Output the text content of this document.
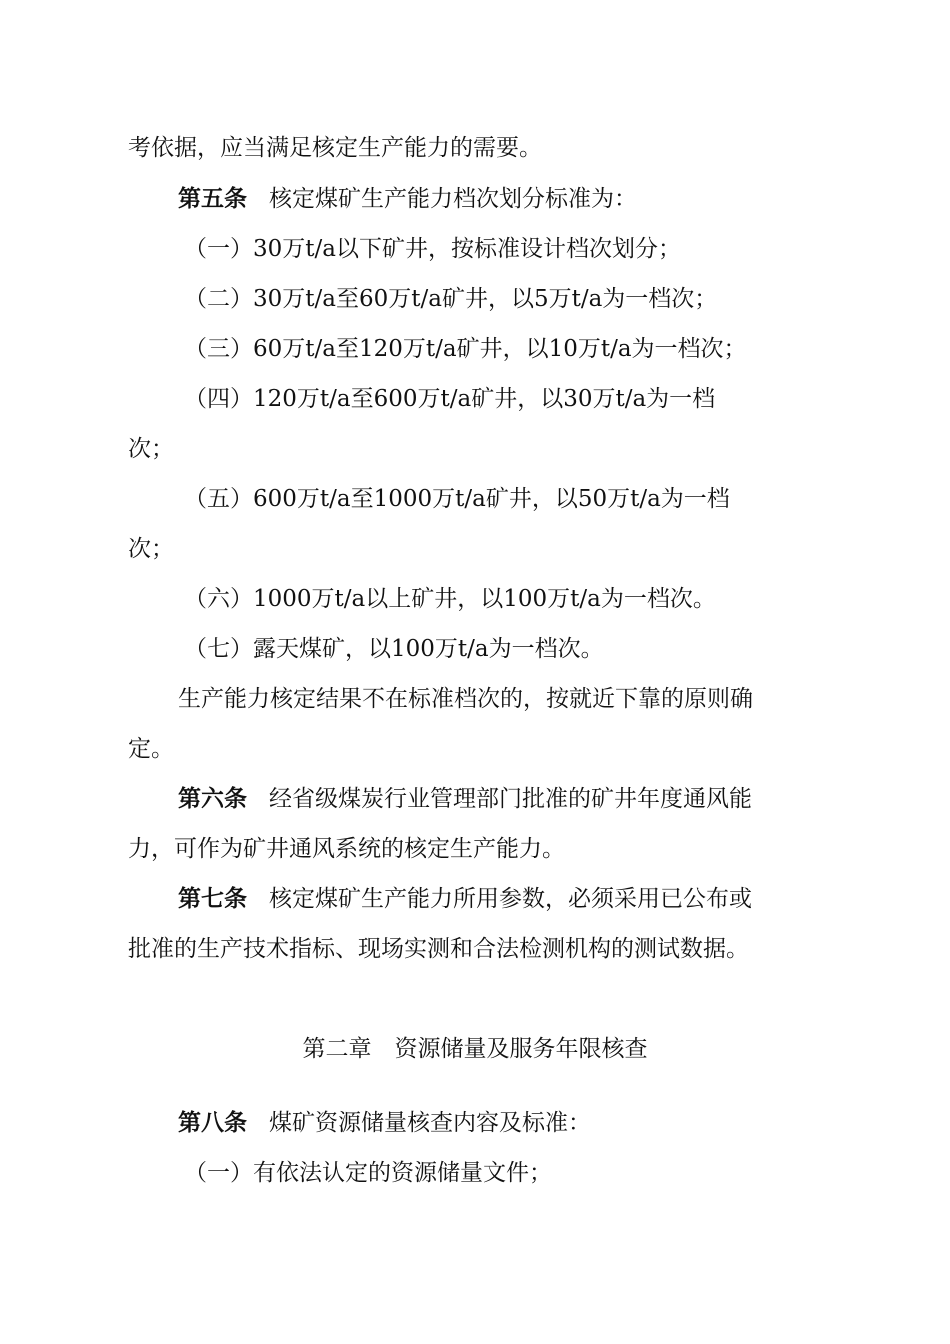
考依据，应当满足核定生产能力的需要。
第五条 核定煤矿生产能力档次划分标准为：
（一）30万t/a以下矿井，按标准设计档次划分；
（二）30万t/a至60万t/a矿井，以5万t/a为一档次；
（三）60万t/a至120万t/a矿井，以10万t/a为一档次；
（四）120万t/a至600万t/a矿井，以30万t/a为一档
次；
（五）600万t/a至1000万t/a矿井，以50万t/a为一档
次；
（六）1000万t/a以上矿井，以100万t/a为一档次。
（七）露天煤矿，以100万t/a为一档次。
生产能力核定结果不在标准档次的，按就近下靠的原则确
定。
第六条 经省级煤炭行业管理部门批准的矿井年度通风能
力，可作为矿井通风系统的核定生产能力。
第七条 核定煤矿生产能力所用参数，必须采用已公布或
批准的生产技术指标、现场实测和合法检测机构的测试数据。
第二章　资源储量及服务年限核查
第八条 煤矿资源储量核查内容及标准：
（一）有依法认定的资源储量文件；
